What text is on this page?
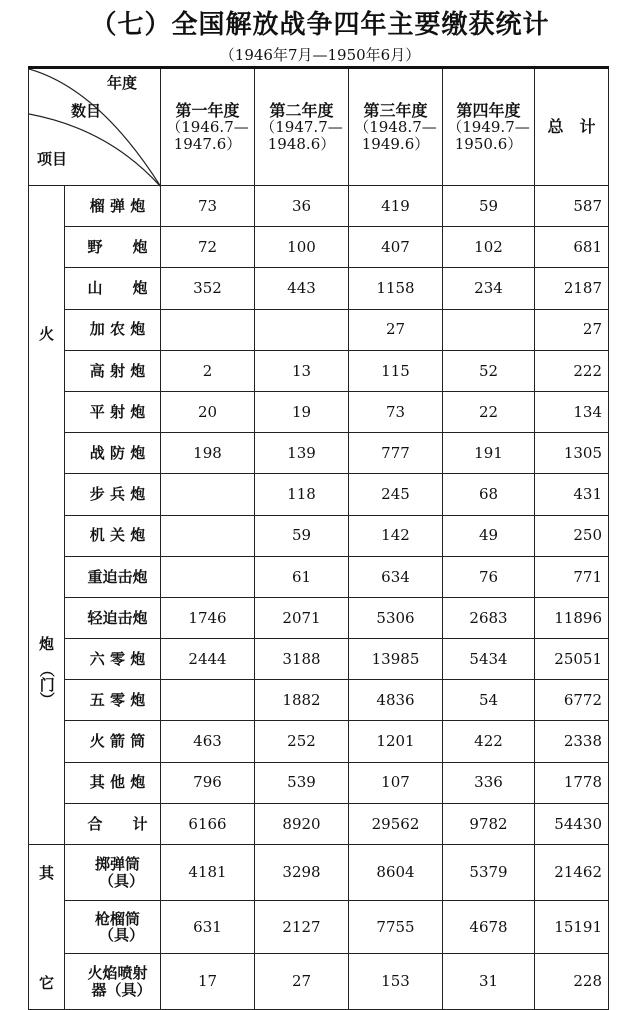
（七）全国解放战争四年主要缴获统计
（1946年7月—1950年6月）
年度
数目
项目		第一年度
（1946.7—
1947.6）	第二年度
（1947.7—
1948.6）	第三年度
（1948.7—
1949.6）	第四年度
（1949.7—
1950.6）	总　计

火
炮
（门）	榴 弹 炮	73	36	419	59	587
	野　　炮	72	100	407	102	681
	山　　炮	352	443	1158	234	2187
	加 农 炮			27		27
	高 射 炮	2	13	115	52	222
	平 射 炮	20	19	73	22	134
	战 防 炮	198	139	777	191	1305
	步 兵 炮		118	245	68	431
	机 关 炮		59	142	49	250
	重迫击炮		61	634	76	771
	轻迫击炮	1746	2071	5306	2683	11896
	六 零 炮	2444	3188	13985	5434	25051
	五 零 炮		1882	4836	54	6772
	火 箭 筒	463	252	1201	422	2338
	其 他 炮	796	539	107	336	1778
	合　　计	6166	8920	29562	9782	54430

其
它	掷弹筒
（具）	4181	3298	8604	5379	21462
	枪榴筒
（具）	631	2127	7755	4678	15191
	火焰喷射
器（具）	17	27	153	31	228
